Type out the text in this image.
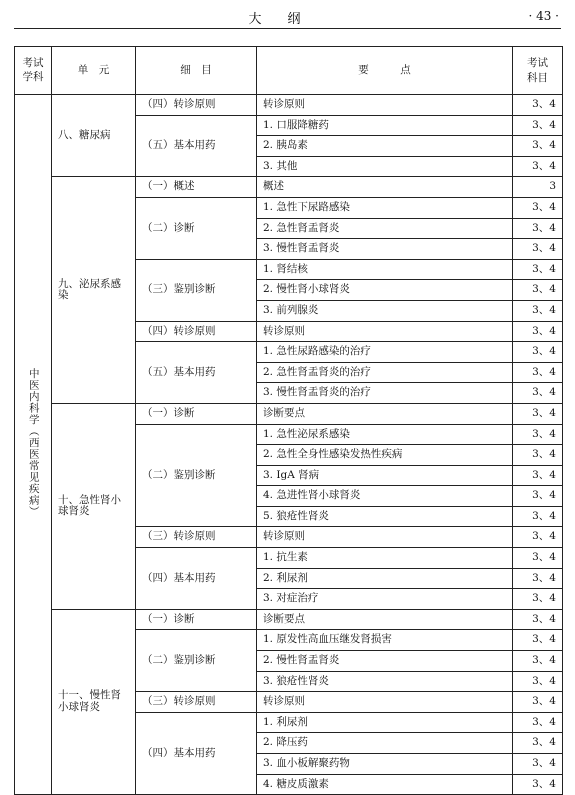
大纲	· 43 ·
考试学科	单　元	细　目	要　　　点	考试科目
中医内科学（西医常见疾病）	八、糖尿病	（四）转诊原则	转诊原则	3、4
		（五）基本用药	1. 口服降糖药	3、4
			2. 胰岛素	3、4
			3. 其他	3、4
	九、泌尿系感染	（一）概述	概述	3
		（二）诊断	1. 急性下尿路感染	3、4
			2. 急性肾盂肾炎	3、4
			3. 慢性肾盂肾炎	3、4
		（三）鉴别诊断	1. 肾结核	3、4
			2. 慢性肾小球肾炎	3、4
			3. 前列腺炎	3、4
		（四）转诊原则	转诊原则	3、4
		（五）基本用药	1. 急性尿路感染的治疗	3、4
			2. 急性肾盂肾炎的治疗	3、4
			3. 慢性肾盂肾炎的治疗	3、4
	十、急性肾小球肾炎	（一）诊断	诊断要点	3、4
		（二）鉴别诊断	1. 急性泌尿系感染	3、4
			2. 急性全身性感染发热性疾病	3、4
			3. IgA 肾病	3、4
			4. 急进性肾小球肾炎	3、4
			5. 狼疮性肾炎	3、4
		（三）转诊原则	转诊原则	3、4
		（四）基本用药	1. 抗生素	3、4
			2. 利尿剂	3、4
			3. 对症治疗	3、4
	十一、慢性肾小球肾炎	（一）诊断	诊断要点	3、4
		（二）鉴别诊断	1. 原发性高血压继发肾损害	3、4
			2. 慢性肾盂肾炎	3、4
			3. 狼疮性肾炎	3、4
		（三）转诊原则	转诊原则	3、4
		（四）基本用药	1. 利尿剂	3、4
			2. 降压药	3、4
			3. 血小板解聚药物	3、4
			4. 糖皮质激素	3、4
